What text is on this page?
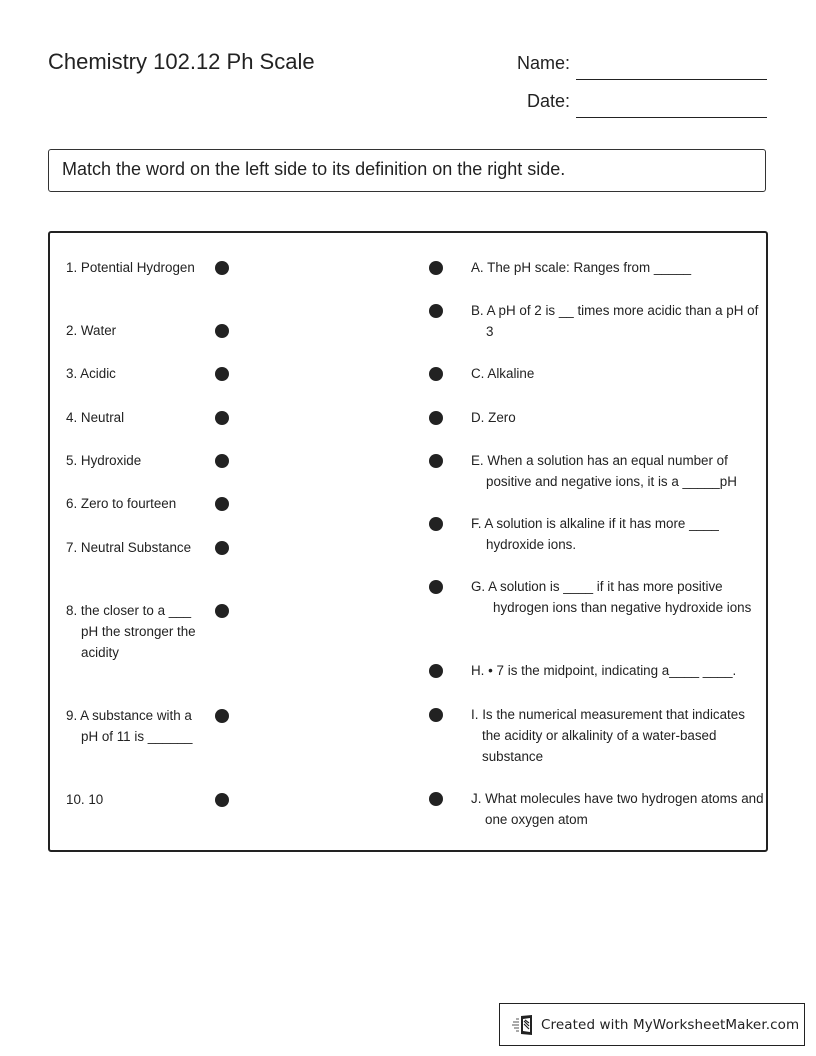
Chemistry 102.12 Ph Scale	Name:
Date:
Match the word on the left side to its definition on the right side.
1. Potential Hydrogen
2. Water
3. Acidic
4. Neutral
5. Hydroxide
6. Zero to fourteen
7. Neutral Substance
8. the closer to a ___ pH the stronger the acidity
9. A substance with a pH of 11 is ______
10. 10
A. The pH scale: Ranges from _____
B. A pH of 2 is __ times more acidic than a pH of 3
C. Alkaline
D. Zero
E. When a solution has an equal number of positive and negative ions, it is a _____pH
F. A solution is alkaline if it has more ____ hydroxide ions.
G. A solution is ____ if it has more positive hydrogen ions than negative hydroxide ions
H. • 7 is the midpoint, indicating a____ ____.
I. Is the numerical measurement that indicates the acidity or alkalinity of a water-based substance
J. What molecules have two hydrogen atoms and one oxygen atom
Created with MyWorksheetMaker.com
